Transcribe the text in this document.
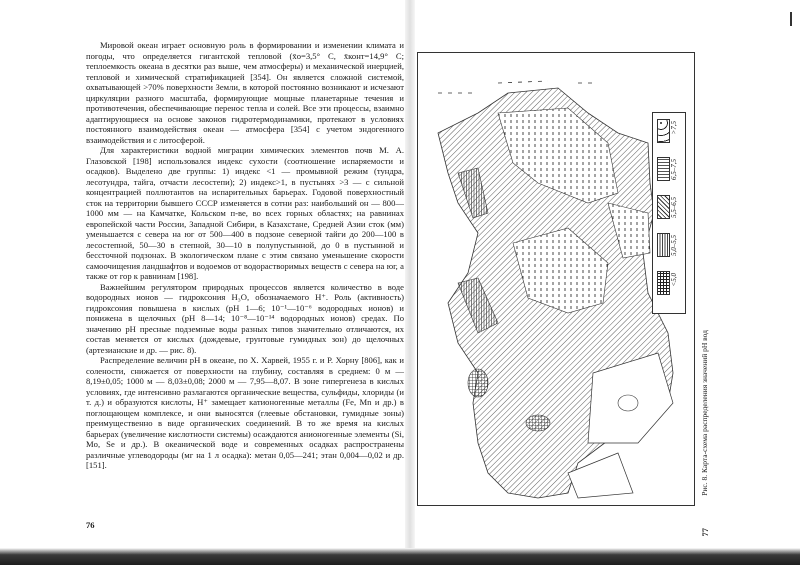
Мировой океан играет основную роль в формировании и изменении климата и погоды, что определяется гигантской тепловой (x̄о=3,5° С, x̄конт=14,9° С; теплоемкость океана в десятки раз выше, чем атмосферы) и механической инерцией, тепловой и химической стратификацией [354]. Он является сложной системой, охватывающей >70% поверхности Земли, в которой постоянно возникают и исчезают циркуляции разного масштаба, формирующие мощные планетарные течения и противотечения, обеспечивающие перенос тепла и солей. Все эти процессы, взаимно адаптирующиеся на основе законов гидротермодинамики, протекают в условиях постоянного взаимодействия океан — атмосфера [354] с учетом эндогенного взаимодействия и с литосферой.

Для характеристики водной миграции химических элементов почв М. А. Глазовской [198] использовался индекс сухости (соотношение испаряемости и осадков). Выделено две группы: 1) индекс <1 — промывной режим (тундра, лесотундра, тайга, отчасти лесостепи); 2) индекс>1, в пустынях >3 — с сильной концентрацией поллютантов на испарительных барьерах. Годовой поверхностный сток на территории бывшего СССР изменяется в сотни раз: наибольший он — 800—1000 мм — на Камчатке, Кольском п-ве, во всех горных областях; на равнинах европейской части России, Западной Сибири, в Казахстане, Средней Азии сток (мм) уменьшается с севера на юг от 500—400 в подзоне северной тайги до 200—100 в лесостепной, 50—30 в степной, 30—10 в полупустынной, до 0 в пустынной и бессточной подзонах. В экологическом плане с этим связано уменьшение скорости самоочищения ландшафтов и водоемов от водорастворимых веществ с севера на юг, а также от гор к равнинам [198].

Важнейшим регулятором природных процессов является количество в воде водородных ионов — гидроксония H₃O, обозначаемого H⁺. Роль (активность) гидроксония повышена в кислых (pH 1—6; 10⁻¹—10⁻⁶ водородных ионов) и понижена в щелочных (pH 8—14; 10⁻⁸—10⁻¹⁴ водородных ионов) средах. По значению pH пресные подземные воды разных типов значительно отличаются, их состав меняется от кислых (дождевые, грунтовые гумидных зон) до щелочных (артезианские и др. — рис. 8).

Распределение величин pH в океане, по Х. Харвей, 1955 г. и Р. Хорну [806], как и солености, снижается от поверхности на глубину, составляя в среднем: 0 м — 8,19±0,05; 1000 м — 8,03±0,08; 2000 м — 7,95—8,07. В зоне гипергенеза в кислых условиях, где интенсивно разлагаются органические вещества, сульфиды, хлориды (и т. д.) и образуются кислоты, H⁺ замещает катионогенные металлы (Fe, Mn и др.) в поглощающем комплексе, и они выносятся (глеевые обстановки, гумидные зоны) преимущественно в виде органических соединений. В то же время на кислых барьерах (увеличение кислотности системы) осаждаются анионогенные элементы (Si, Mo, Se и др.). В океанической воде и современных осадках распространены различные углеводороды (мг на 1 л осадка): метан 0,05—241; этан 0,004—0,02 и др. [151].

76
>7,5
6,5–7,5
5,5–6,5
5,0–5,5
<5,0
Рис. 8. Карта-схема распределения значений pH вод
77
